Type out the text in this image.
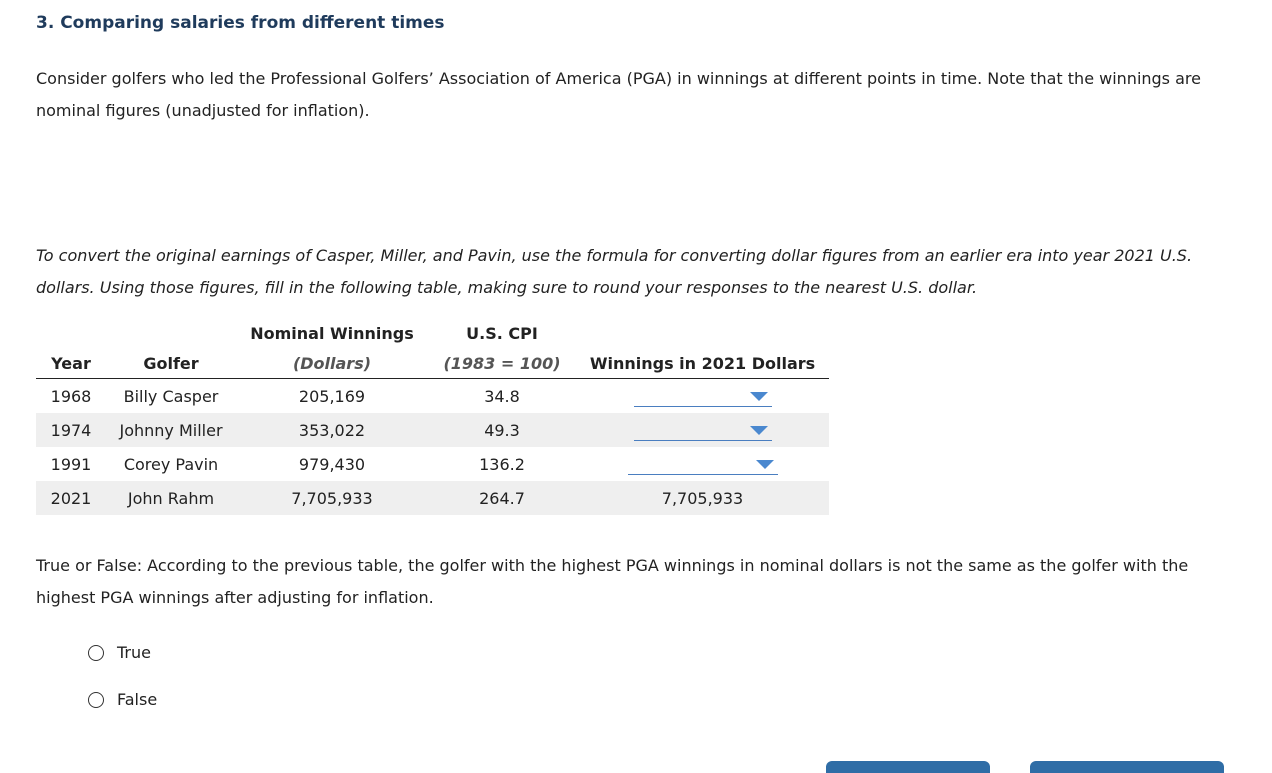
3. Comparing salaries from different times
Consider golfers who led the Professional Golfers’ Association of America (PGA) in winnings at different points in time. Note that the winnings are nominal figures (unadjusted for inflation).
To convert the original earnings of Casper, Miller, and Pavin, use the formula for converting dollar figures from an earlier era into year 2021 U.S. dollars. Using those figures, fill in the following table, making sure to round your responses to the nearest U.S. dollar.
		Nominal Winnings	U.S. CPI	
Year	Golfer	(Dollars)	(1983 = 100)	Winnings in 2021 Dollars
1968	Billy Casper	205,169	34.8	

1974	Johnny Miller	353,022	49.3	

1991	Corey Pavin	979,430	136.2	

2021	John Rahm	7,705,933	264.7	7,705,933
True or False: According to the previous table, the golfer with the highest PGA winnings in nominal dollars is not the same as the golfer with the highest PGA winnings after adjusting for inflation.
True
False
